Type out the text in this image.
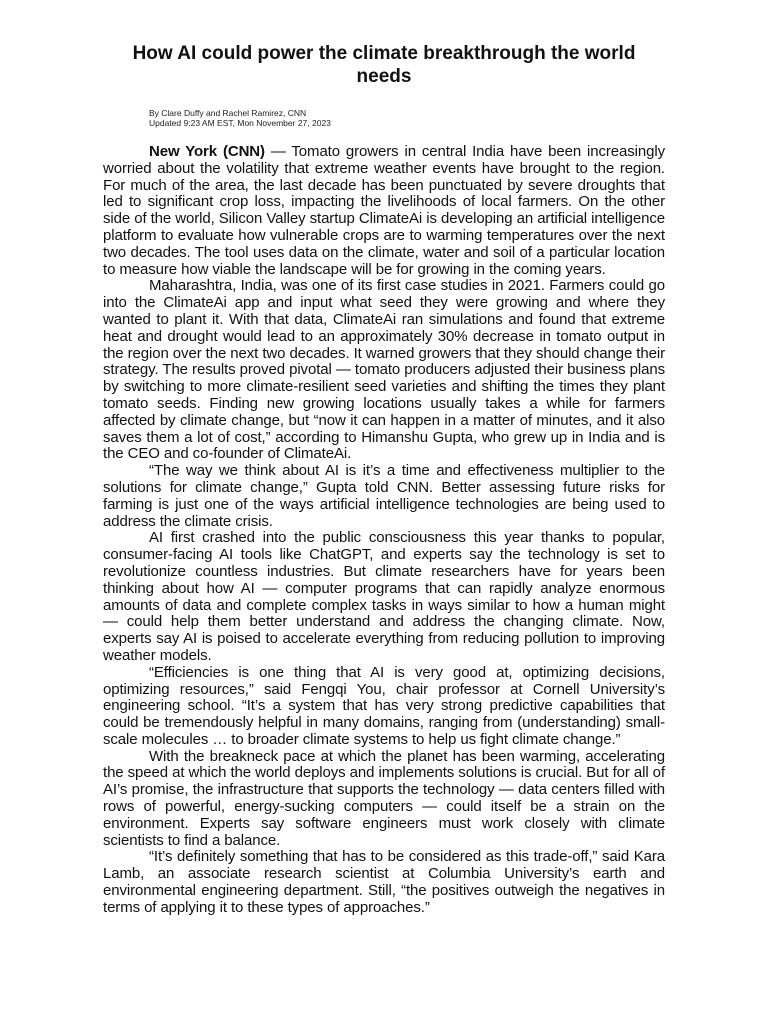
How AI could power the climate breakthrough the world needs
By Clare Duffy and Rachel Ramirez, CNN
Updated 9:23 AM EST, Mon November 27, 2023

New York (CNN) — Tomato growers in central India have been increasingly worried about the volatility that extreme weather events have brought to the region. For much of the area, the last decade has been punctuated by severe droughts that led to significant crop loss, impacting the livelihoods of local farmers. On the other side of the world, Silicon Valley startup ClimateAi is developing an artificial intelligence platform to evaluate how vulnerable crops are to warming temperatures over the next two decades. The tool uses data on the climate, water and soil of a particular location to measure how viable the landscape will be for growing in the coming years.

Maharashtra, India, was one of its first case studies in 2021. Farmers could go into the ClimateAi app and input what seed they were growing and where they wanted to plant it. With that data, ClimateAi ran simulations and found that extreme heat and drought would lead to an approximately 30% decrease in tomato output in the region over the next two decades. It warned growers that they should change their strategy. The results proved pivotal — tomato producers adjusted their business plans by switching to more climate-resilient seed varieties and shifting the times they plant tomato seeds. Finding new growing locations usually takes a while for farmers affected by climate change, but “now it can happen in a matter of minutes, and it also saves them a lot of cost,” according to Himanshu Gupta, who grew up in India and is the CEO and co-founder of ClimateAi.

“The way we think about AI is it’s a time and effectiveness multiplier to the solutions for climate change,” Gupta told CNN. Better assessing future risks for farming is just one of the ways artificial intelligence technologies are being used to address the climate crisis.

AI first crashed into the public consciousness this year thanks to popular, consumer-facing AI tools like ChatGPT, and experts say the technology is set to revolutionize countless industries. But climate researchers have for years been thinking about how AI — computer programs that can rapidly analyze enormous amounts of data and complete complex tasks in ways similar to how a human might — could help them better understand and address the changing climate. Now, experts say AI is poised to accelerate everything from reducing pollution to improving weather models.

“Efficiencies is one thing that AI is very good at, optimizing decisions, optimizing resources,” said Fengqi You, chair professor at Cornell University’s engineering school. “It’s a system that has very strong predictive capabilities that could be tremendously helpful in many domains, ranging from (understanding) small-scale molecules … to broader climate systems to help us fight climate change.”

With the breakneck pace at which the planet has been warming, accelerating the speed at which the world deploys and implements solutions is crucial. But for all of AI’s promise, the infrastructure that supports the technology — data centers filled with rows of powerful, energy-sucking computers — could itself be a strain on the environment. Experts say software engineers must work closely with climate scientists to find a balance.

“It’s definitely something that has to be considered as this trade-off,” said Kara Lamb, an associate research scientist at Columbia University’s earth and environmental engineering department. Still, “the positives outweigh the negatives in terms of applying it to these types of approaches.”
